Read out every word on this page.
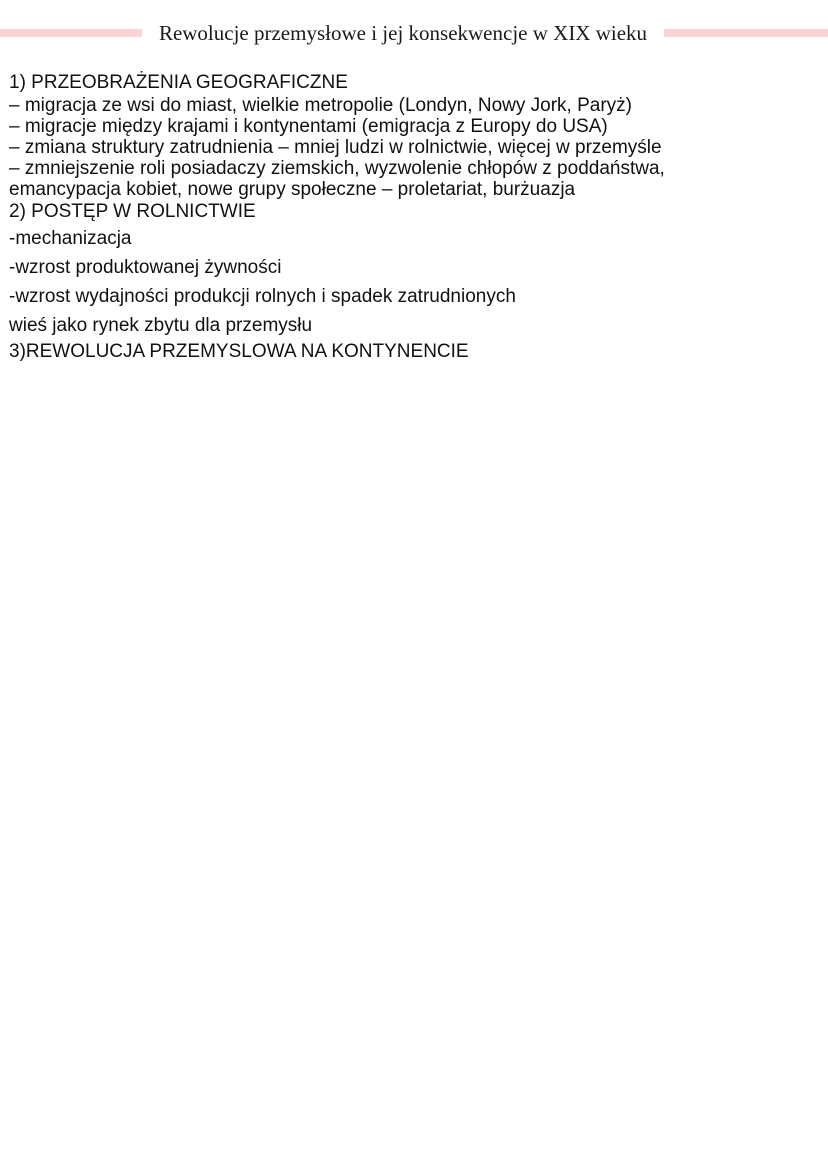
Rewolucje przemysłowe i jej konsekwencje w XIX wieku
1) PRZEOBRAŻENIA GEOGRAFICZNE
– migracja ze wsi do miast, wielkie metropolie (Londyn, Nowy Jork, Paryż)
– migracje między krajami i kontynentami (emigracja z Europy do USA)
– zmiana struktury zatrudnienia – mniej ludzi w rolnictwie, więcej w przemyśle
– zmniejszenie roli posiadaczy ziemskich, wyzwolenie chłopów z poddaństwa,
emancypacja kobiet, nowe grupy społeczne – proletariat, burżuazja
2) POSTĘP W ROLNICTWIE
-mechanizacja
-wzrost produktowanej żywności
-wzrost wydajności produkcji rolnych i spadek zatrudnionych
wieś jako rynek zbytu dla przemysłu
3)REWOLUCJA PRZEMYSLOWA NA KONTYNENCIE
